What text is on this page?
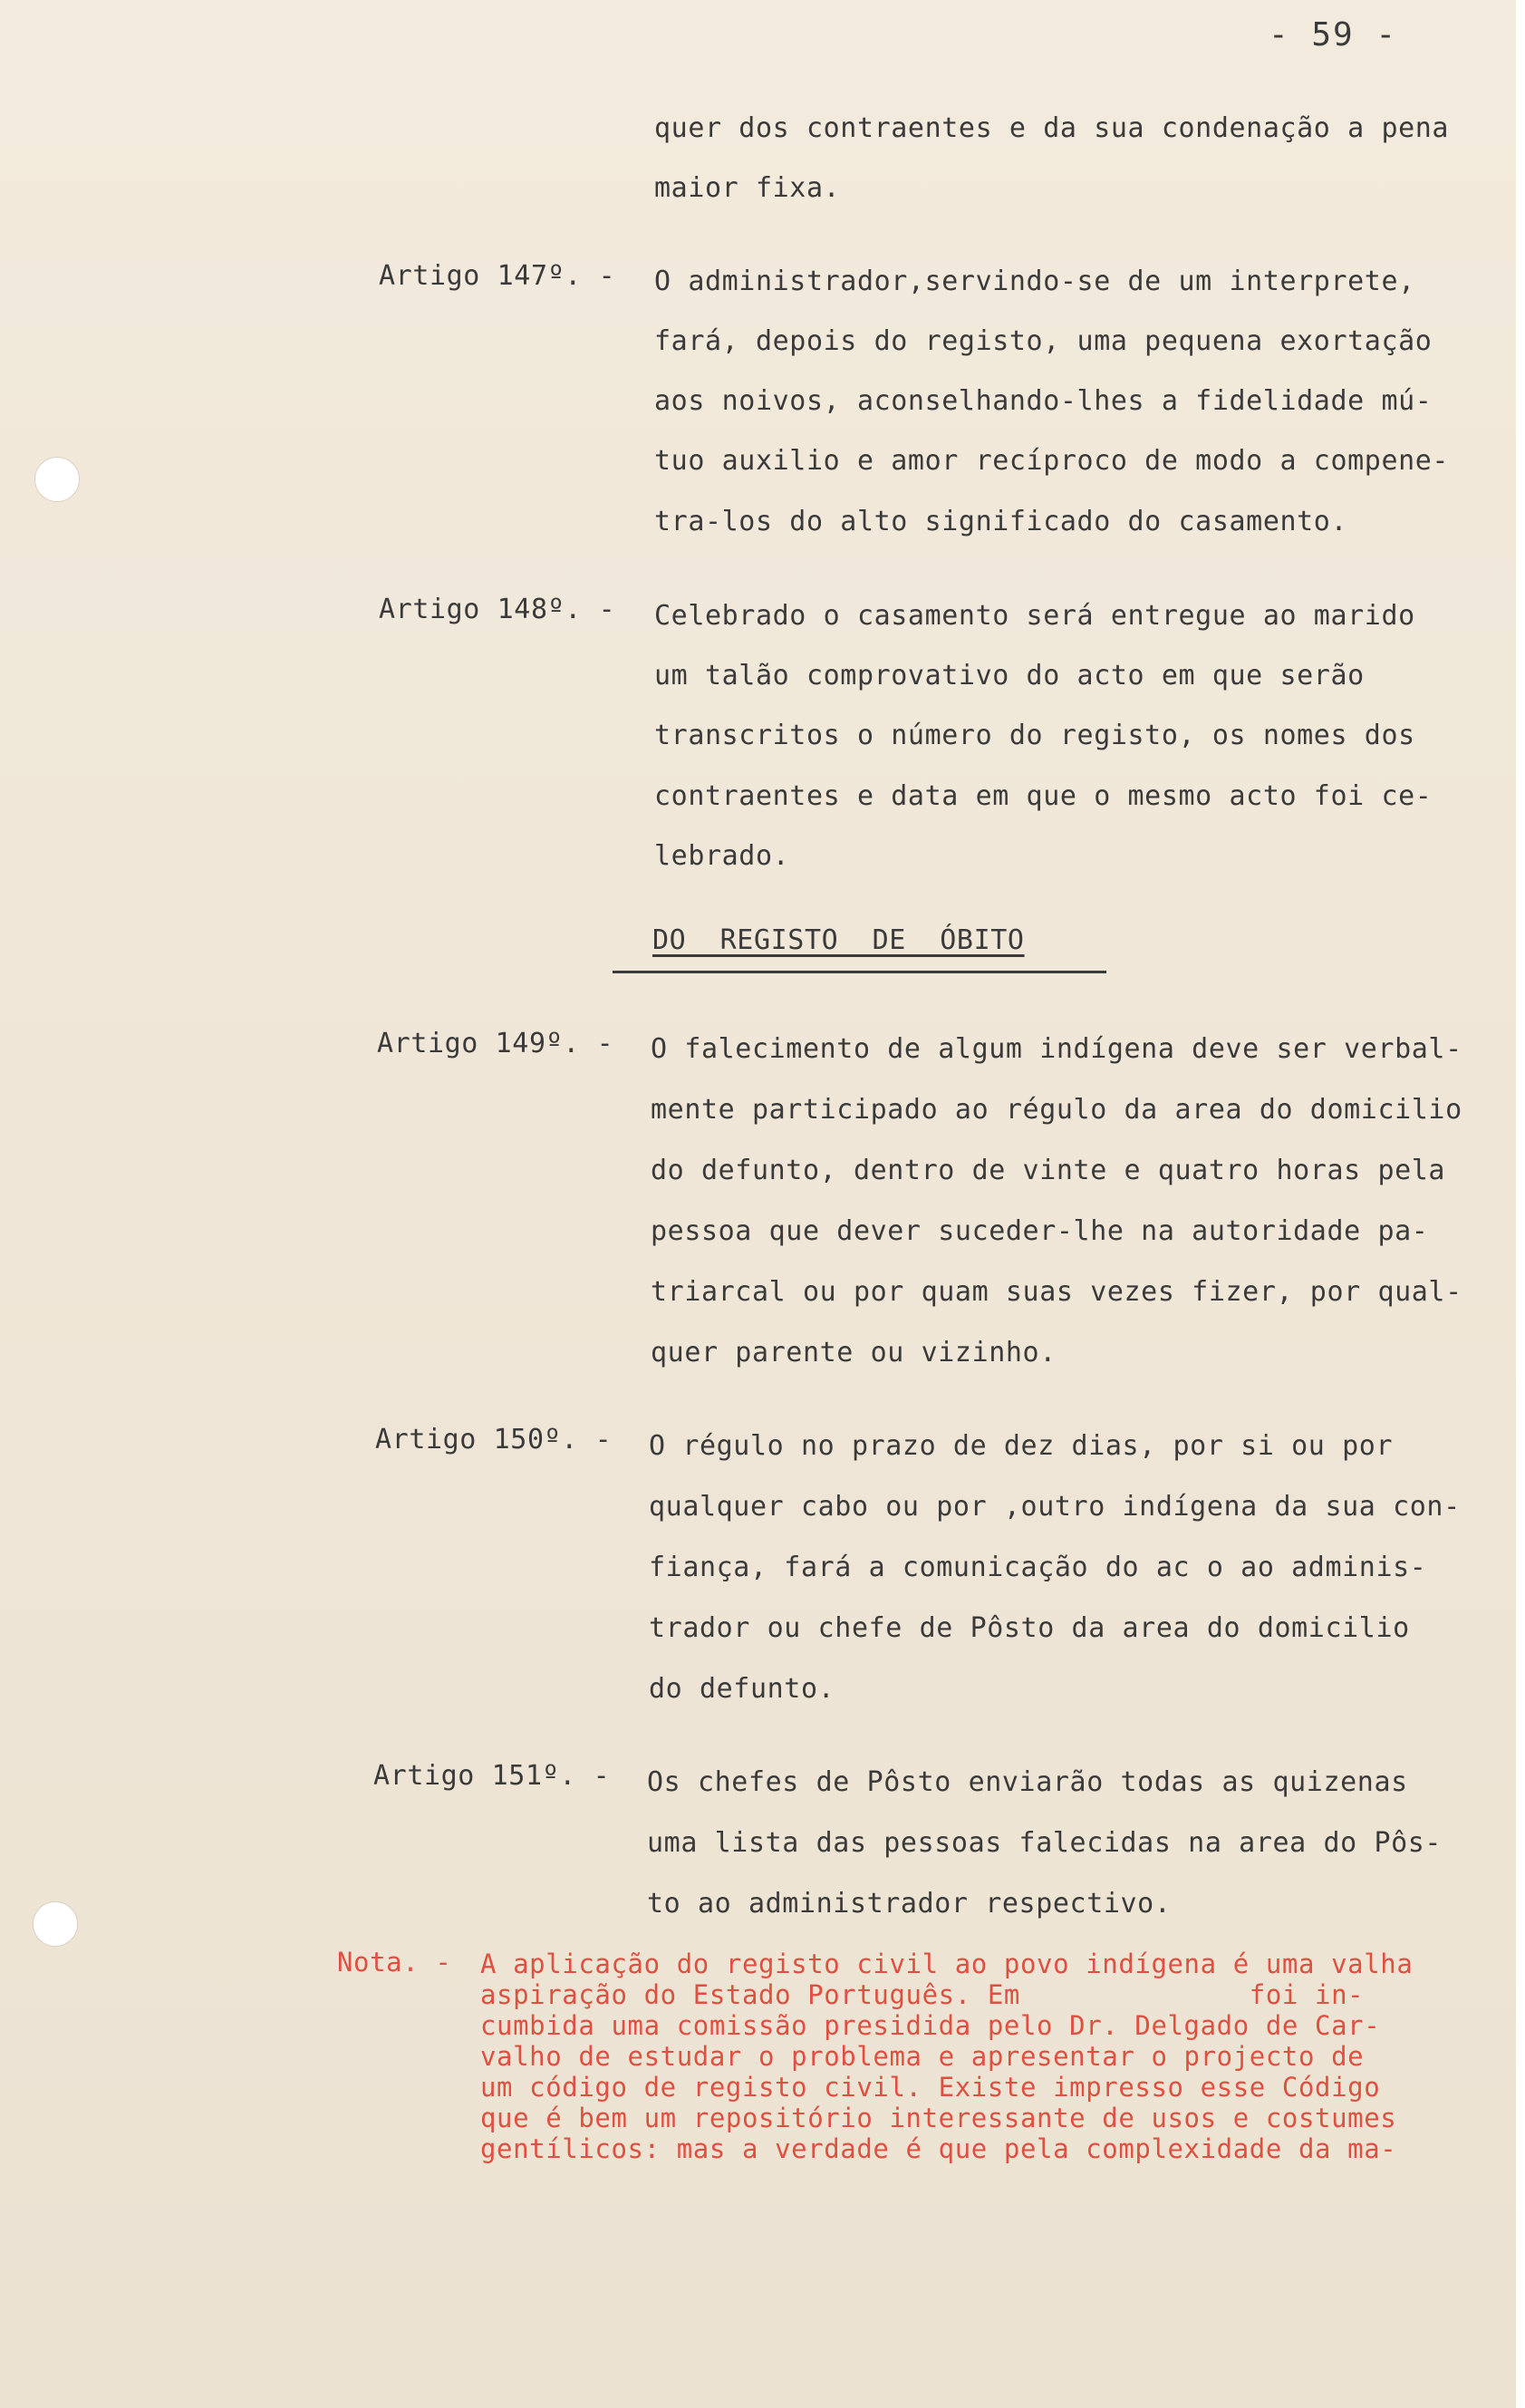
- 59 -
quer dos contraentes e da sua condenação a pena
maior fixa.
Artigo 147º. - O administrador,servindo-se de um interprete,
fará, depois do registo, uma pequena exortação
aos noivos, aconselhando-lhes a fidelidade mú-
tuo auxilio e amor recíproco de modo a compene-
tra-los do alto significado do casamento.
Artigo 148º. - Celebrado o casamento será entregue ao marido
um talão comprovativo do acto em que serão
transcritos o número do registo, os nomes dos
contraentes e data em que o mesmo acto foi ce-
lebrado.
DO  REGISTO  DE  ÓBITO
Artigo 149º. - O falecimento de algum indígena deve ser verbal-
mente participado ao régulo da area do domicilio
do defunto, dentro de vinte e quatro horas pela
pessoa que dever suceder-lhe na autoridade pa-
triarcal ou por quam suas vezes fizer, por qual-
quer parente ou vizinho.
Artigo 150º. - O régulo no prazo de dez dias, por si ou por
qualquer cabo ou por ,outro indígena da sua con-
fiança, fará a comunicação do ac o ao adminis-
trador ou chefe de Pôsto da area do domicilio
do defunto.
Artigo 151º. - Os chefes de Pôsto enviarão todas as quizenas
uma lista das pessoas falecidas na area do Pôs-
to ao administrador respectivo.
Nota. - A aplicação do registo civil ao povo indígena é uma valha
aspiração do Estado Português. Em              foi in-
cumbida uma comissão presidida pelo Dr. Delgado de Car-
valho de estudar o problema e apresentar o projecto de
um código de registo civil. Existe impresso esse Código
que é bem um repositório interessante de usos e costumes
gentílicos: mas a verdade é que pela complexidade da ma-
